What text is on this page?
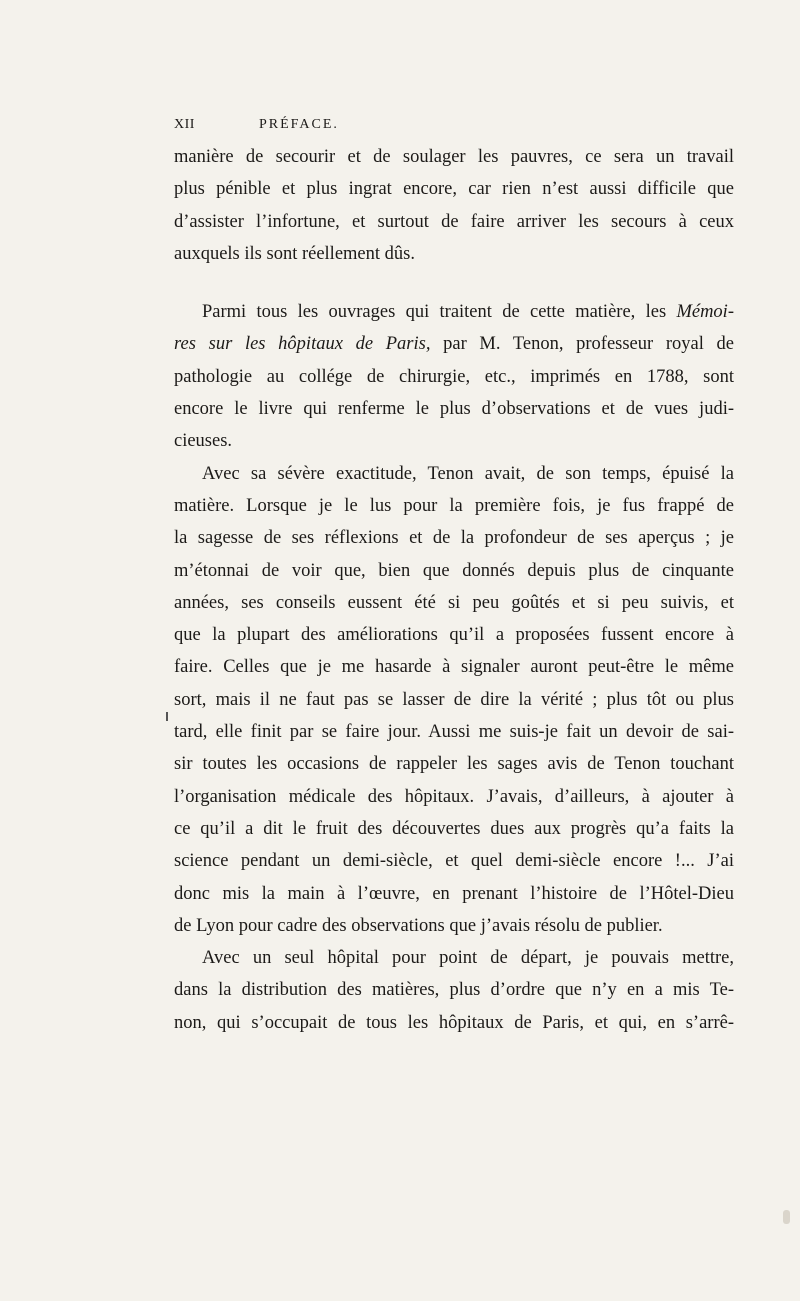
XII	PRÉFACE.

manière de secourir et de soulager les pauvres, ce sera un travail
plus pénible et plus ingrat encore, car rien n’est aussi difficile que
d’assister l’infortune, et surtout de faire arriver les secours à ceux
auxquels ils sont réellement dûs.

Parmi tous les ouvrages qui traitent de cette matière, les Mémoi-
res sur les hôpitaux de Paris, par M. Tenon, professeur royal de
pathologie au collége de chirurgie, etc., imprimés en 1788, sont
encore le livre qui renferme le plus d’observations et de vues judi-
cieuses.

Avec sa sévère exactitude, Tenon avait, de son temps, épuisé la
matière. Lorsque je le lus pour la première fois, je fus frappé de
la sagesse de ses réflexions et de la profondeur de ses aperçus ; je
m’étonnai de voir que, bien que donnés depuis plus de cinquante
années, ses conseils eussent été si peu goûtés et si peu suivis, et
que la plupart des améliorations qu’il a proposées fussent encore à
faire. Celles que je me hasarde à signaler auront peut-être le même
sort, mais il ne faut pas se lasser de dire la vérité ; plus tôt ou plus
tard, elle finit par se faire jour. Aussi me suis-je fait un devoir de sai-
sir toutes les occasions de rappeler les sages avis de Tenon touchant
l’organisation médicale des hôpitaux. J’avais, d’ailleurs, à ajouter à
ce qu’il a dit le fruit des découvertes dues aux progrès qu’a faits la
science pendant un demi-siècle, et quel demi-siècle encore !... J’ai
donc mis la main à l’œuvre, en prenant l’histoire de l’Hôtel-Dieu
de Lyon pour cadre des observations que j’avais résolu de publier.

Avec un seul hôpital pour point de départ, je pouvais mettre,
dans la distribution des matières, plus d’ordre que n’y en a mis Te-
non, qui s’occupait de tous les hôpitaux de Paris, et qui, en s’arrê-
